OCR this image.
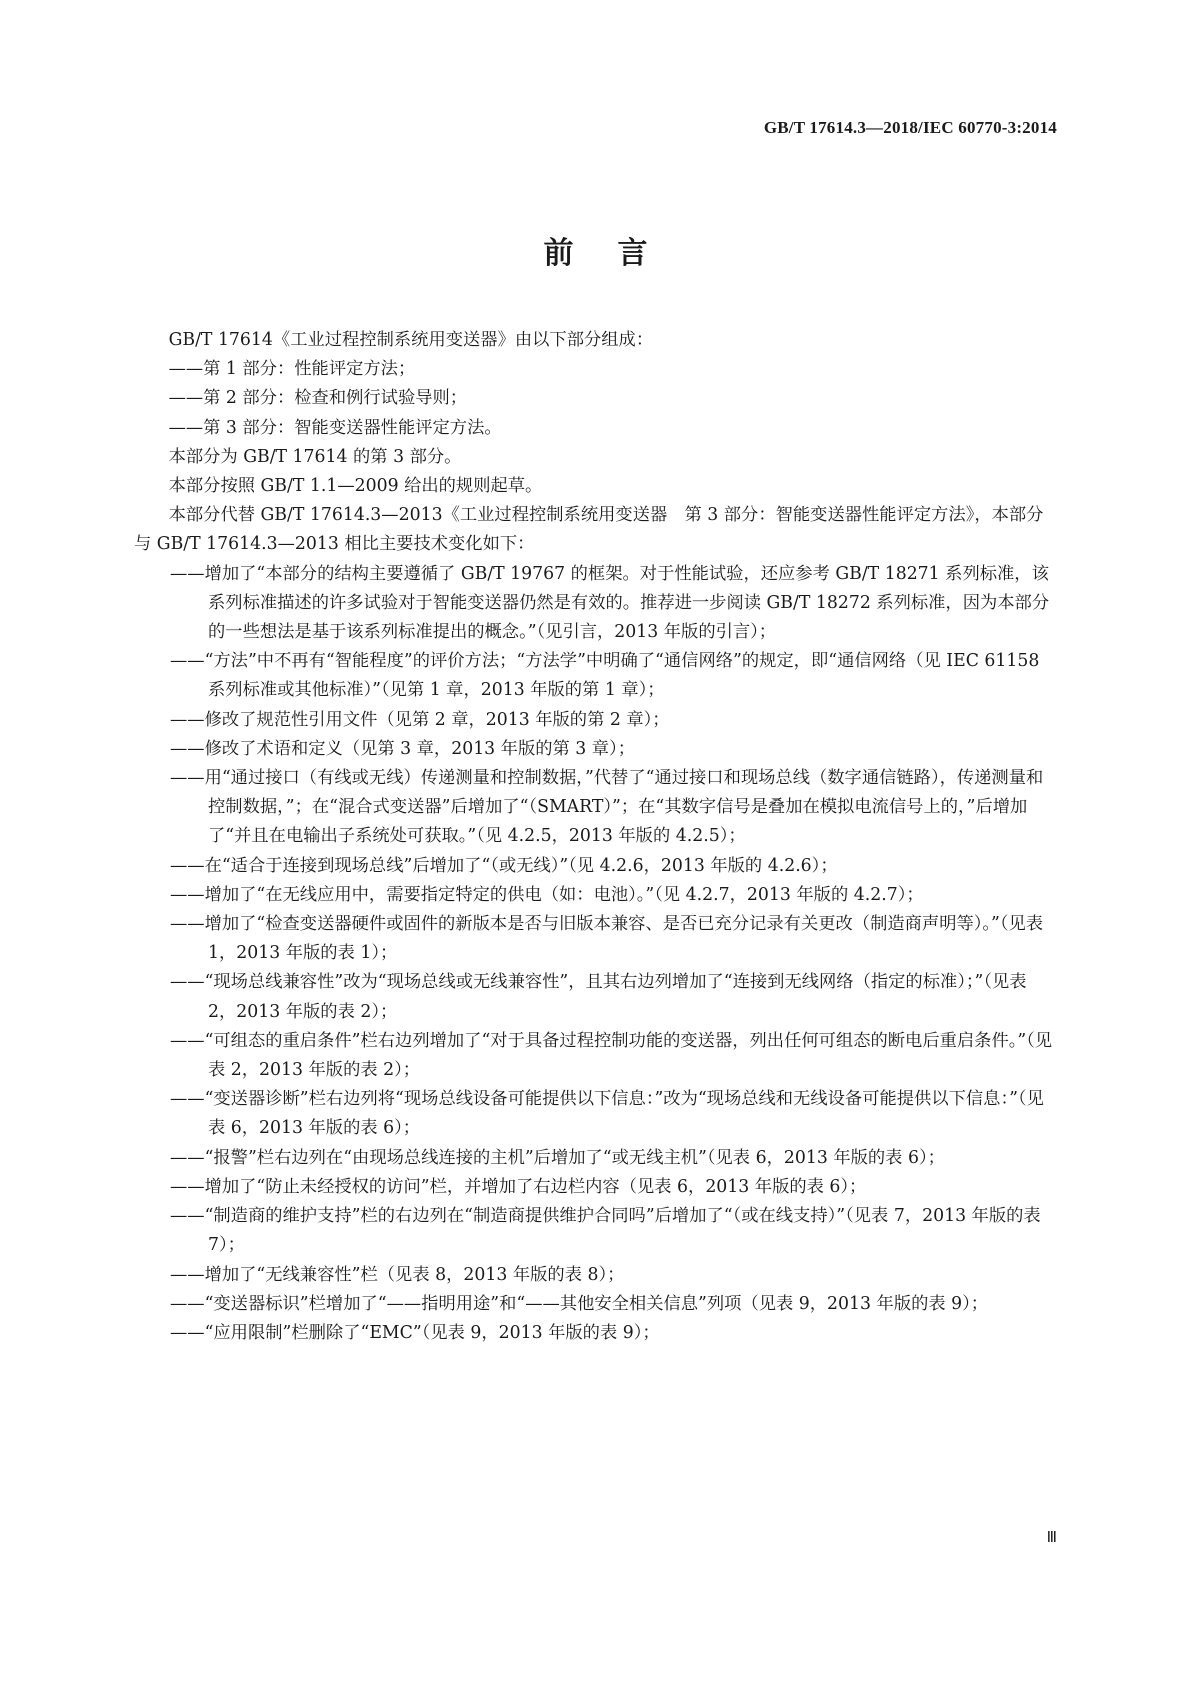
GB/T 17614.3—2018/IEC 60770-3:2014
前言

GB/T 17614《工业过程控制系统用变送器》由以下部分组成：

——第 1 部分：性能评定方法；

——第 2 部分：检查和例行试验导则；

——第 3 部分：智能变送器性能评定方法。

本部分为 GB/T 17614 的第 3 部分。

本部分按照 GB/T 1.1—2009 给出的规则起草。

本部分代替 GB/T 17614.3—2013《工业过程控制系统用变送器　第 3 部分：智能变送器性能评定方法》，本部分与 GB/T 17614.3—2013 相比主要技术变化如下：

——增加了“本部分的结构主要遵循了 GB/T 19767 的框架。对于性能试验，还应参考 GB/T 18271 系列标准，该系列标准描述的许多试验对于智能变送器仍然是有效的。推荐进一步阅读 GB/T 18272 系列标准，因为本部分的一些想法是基于该系列标准提出的概念。”（见引言，2013 年版的引言）；

——“方法”中不再有“智能程度”的评价方法；“方法学”中明确了“通信网络”的规定，即“通信网络（见 IEC 61158 系列标准或其他标准）”（见第 1 章，2013 年版的第 1 章）；

——修改了规范性引用文件（见第 2 章，2013 年版的第 2 章）；

——修改了术语和定义（见第 3 章，2013 年版的第 3 章）；

——用“通过接口（有线或无线）传递测量和控制数据，”代替了“通过接口和现场总线（数字通信链路），传递测量和控制数据，”；在“混合式变送器”后增加了“（SMART）”；在“其数字信号是叠加在模拟电流信号上的，”后增加了“并且在电输出子系统处可获取。”（见 4.2.5，2013 年版的 4.2.5）；

——在“适合于连接到现场总线”后增加了“（或无线）”（见 4.2.6，2013 年版的 4.2.6）；

——增加了“在无线应用中，需要指定特定的供电（如：电池）。”（见 4.2.7，2013 年版的 4.2.7）；

——增加了“检查变送器硬件或固件的新版本是否与旧版本兼容、是否已充分记录有关更改（制造商声明等）。”（见表 1，2013 年版的表 1）；

——“现场总线兼容性”改为“现场总线或无线兼容性”，且其右边列增加了“连接到无线网络（指定的标准）；”（见表 2，2013 年版的表 2）；

——“可组态的重启条件”栏右边列增加了“对于具备过程控制功能的变送器，列出任何可组态的断电后重启条件。”（见表 2，2013 年版的表 2）；

——“变送器诊断”栏右边列将“现场总线设备可能提供以下信息：”改为“现场总线和无线设备可能提供以下信息：”（见表 6，2013 年版的表 6）；

——“报警”栏右边列在“由现场总线连接的主机”后增加了“或无线主机”（见表 6，2013 年版的表 6）；

——增加了“防止未经授权的访问”栏，并增加了右边栏内容（见表 6，2013 年版的表 6）；

——“制造商的维护支持”栏的右边列在“制造商提供维护合同吗”后增加了“（或在线支持）”（见表 7，2013 年版的表 7）；

——增加了“无线兼容性”栏（见表 8，2013 年版的表 8）；

——“变送器标识”栏增加了“——指明用途”和“——其他安全相关信息”列项（见表 9，2013 年版的表 9）；

——“应用限制”栏删除了“EMC”（见表 9，2013 年版的表 9）；

Ⅲ
